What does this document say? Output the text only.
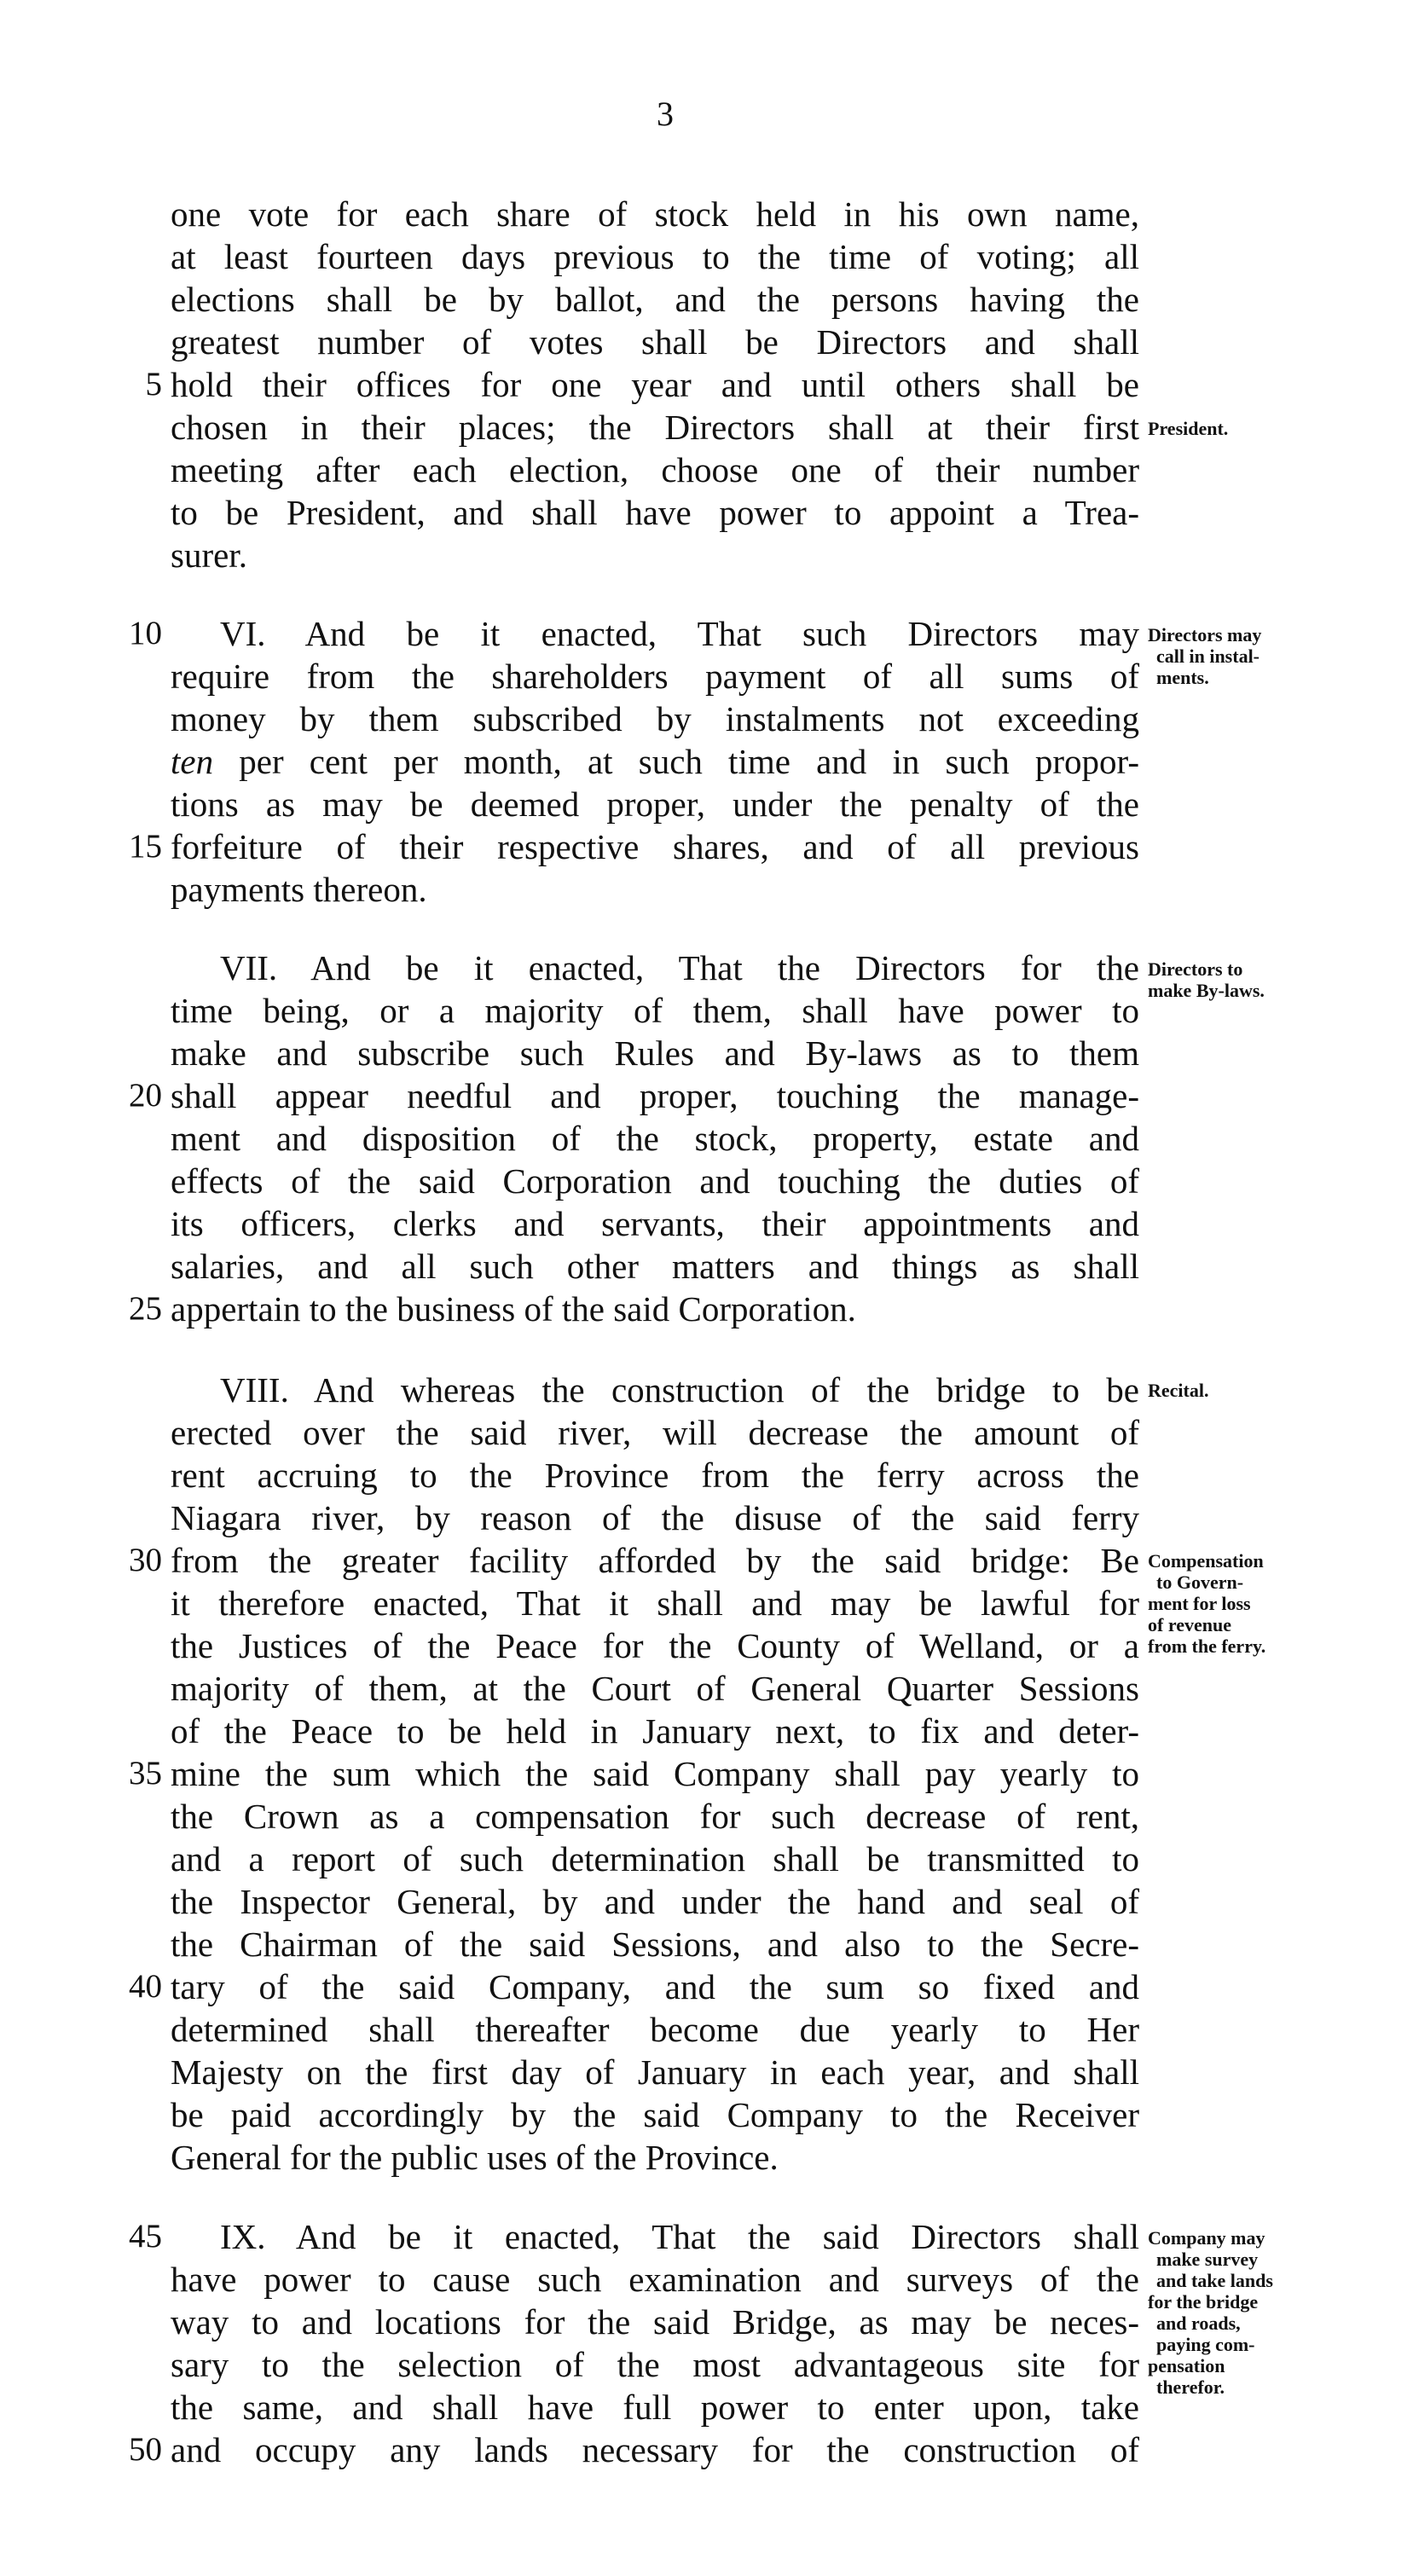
3
one vote for each share of stock held in his own name,
at least fourteen days previous to the time of voting; all
elections shall be by ballot, and the persons having the
greatest number of votes shall be Directors and shall
5 hold their offices for one year and until others shall be
chosen in their places; the Directors shall at their first
meeting after each election, choose one of their number
to be President, and shall have power to appoint a Trea-
surer.
10 VI. And be it enacted, That such Directors may
require from the shareholders payment of all sums of
money by them subscribed by instalments not exceeding
ten per cent per month, at such time and in such propor-
tions as may be deemed proper, under the penalty of the
15 forfeiture of their respective shares, and of all previous
payments thereon.
VII. And be it enacted, That the Directors for the
time being, or a majority of them, shall have power to
make and subscribe such Rules and By-laws as to them
20 shall appear needful and proper, touching the manage-
ment and disposition of the stock, property, estate and
effects of the said Corporation and touching the duties of
its officers, clerks and servants, their appointments and
salaries, and all such other matters and things as shall
25 appertain to the business of the said Corporation.
VIII. And whereas the construction of the bridge to be
erected over the said river, will decrease the amount of
rent accruing to the Province from the ferry across the
Niagara river, by reason of the disuse of the said ferry
30 from the greater facility afforded by the said bridge: Be
it therefore enacted, That it shall and may be lawful for
the Justices of the Peace for the County of Welland, or a
majority of them, at the Court of General Quarter Sessions
of the Peace to be held in January next, to fix and deter-
35 mine the sum which the said Company shall pay yearly to
the Crown as a compensation for such decrease of rent,
and a report of such determination shall be transmitted to
the Inspector General, by and under the hand and seal of
the Chairman of the said Sessions, and also to the Secre-
40 tary of the said Company, and the sum so fixed and
determined shall thereafter become due yearly to Her
Majesty on the first day of January in each year, and shall
be paid accordingly by the said Company to the Receiver
General for the public uses of the Province.
45 IX. And be it enacted, That the said Directors shall
have power to cause such examination and surveys of the
way to and locations for the said Bridge, as may be neces-
sary to the selection of the most advantageous site for
the same, and shall have full power to enter upon, take
50 and occupy any lands necessary for the construction of
President.
Directors may
call in instal-
ments.
Directors to
make By-laws.
Recital.
Compensation
to Govern-
ment for loss
of revenue
from the ferry.
Company may
make survey
and take lands
for the bridge
and roads,
paying com-
pensation
therefor.
